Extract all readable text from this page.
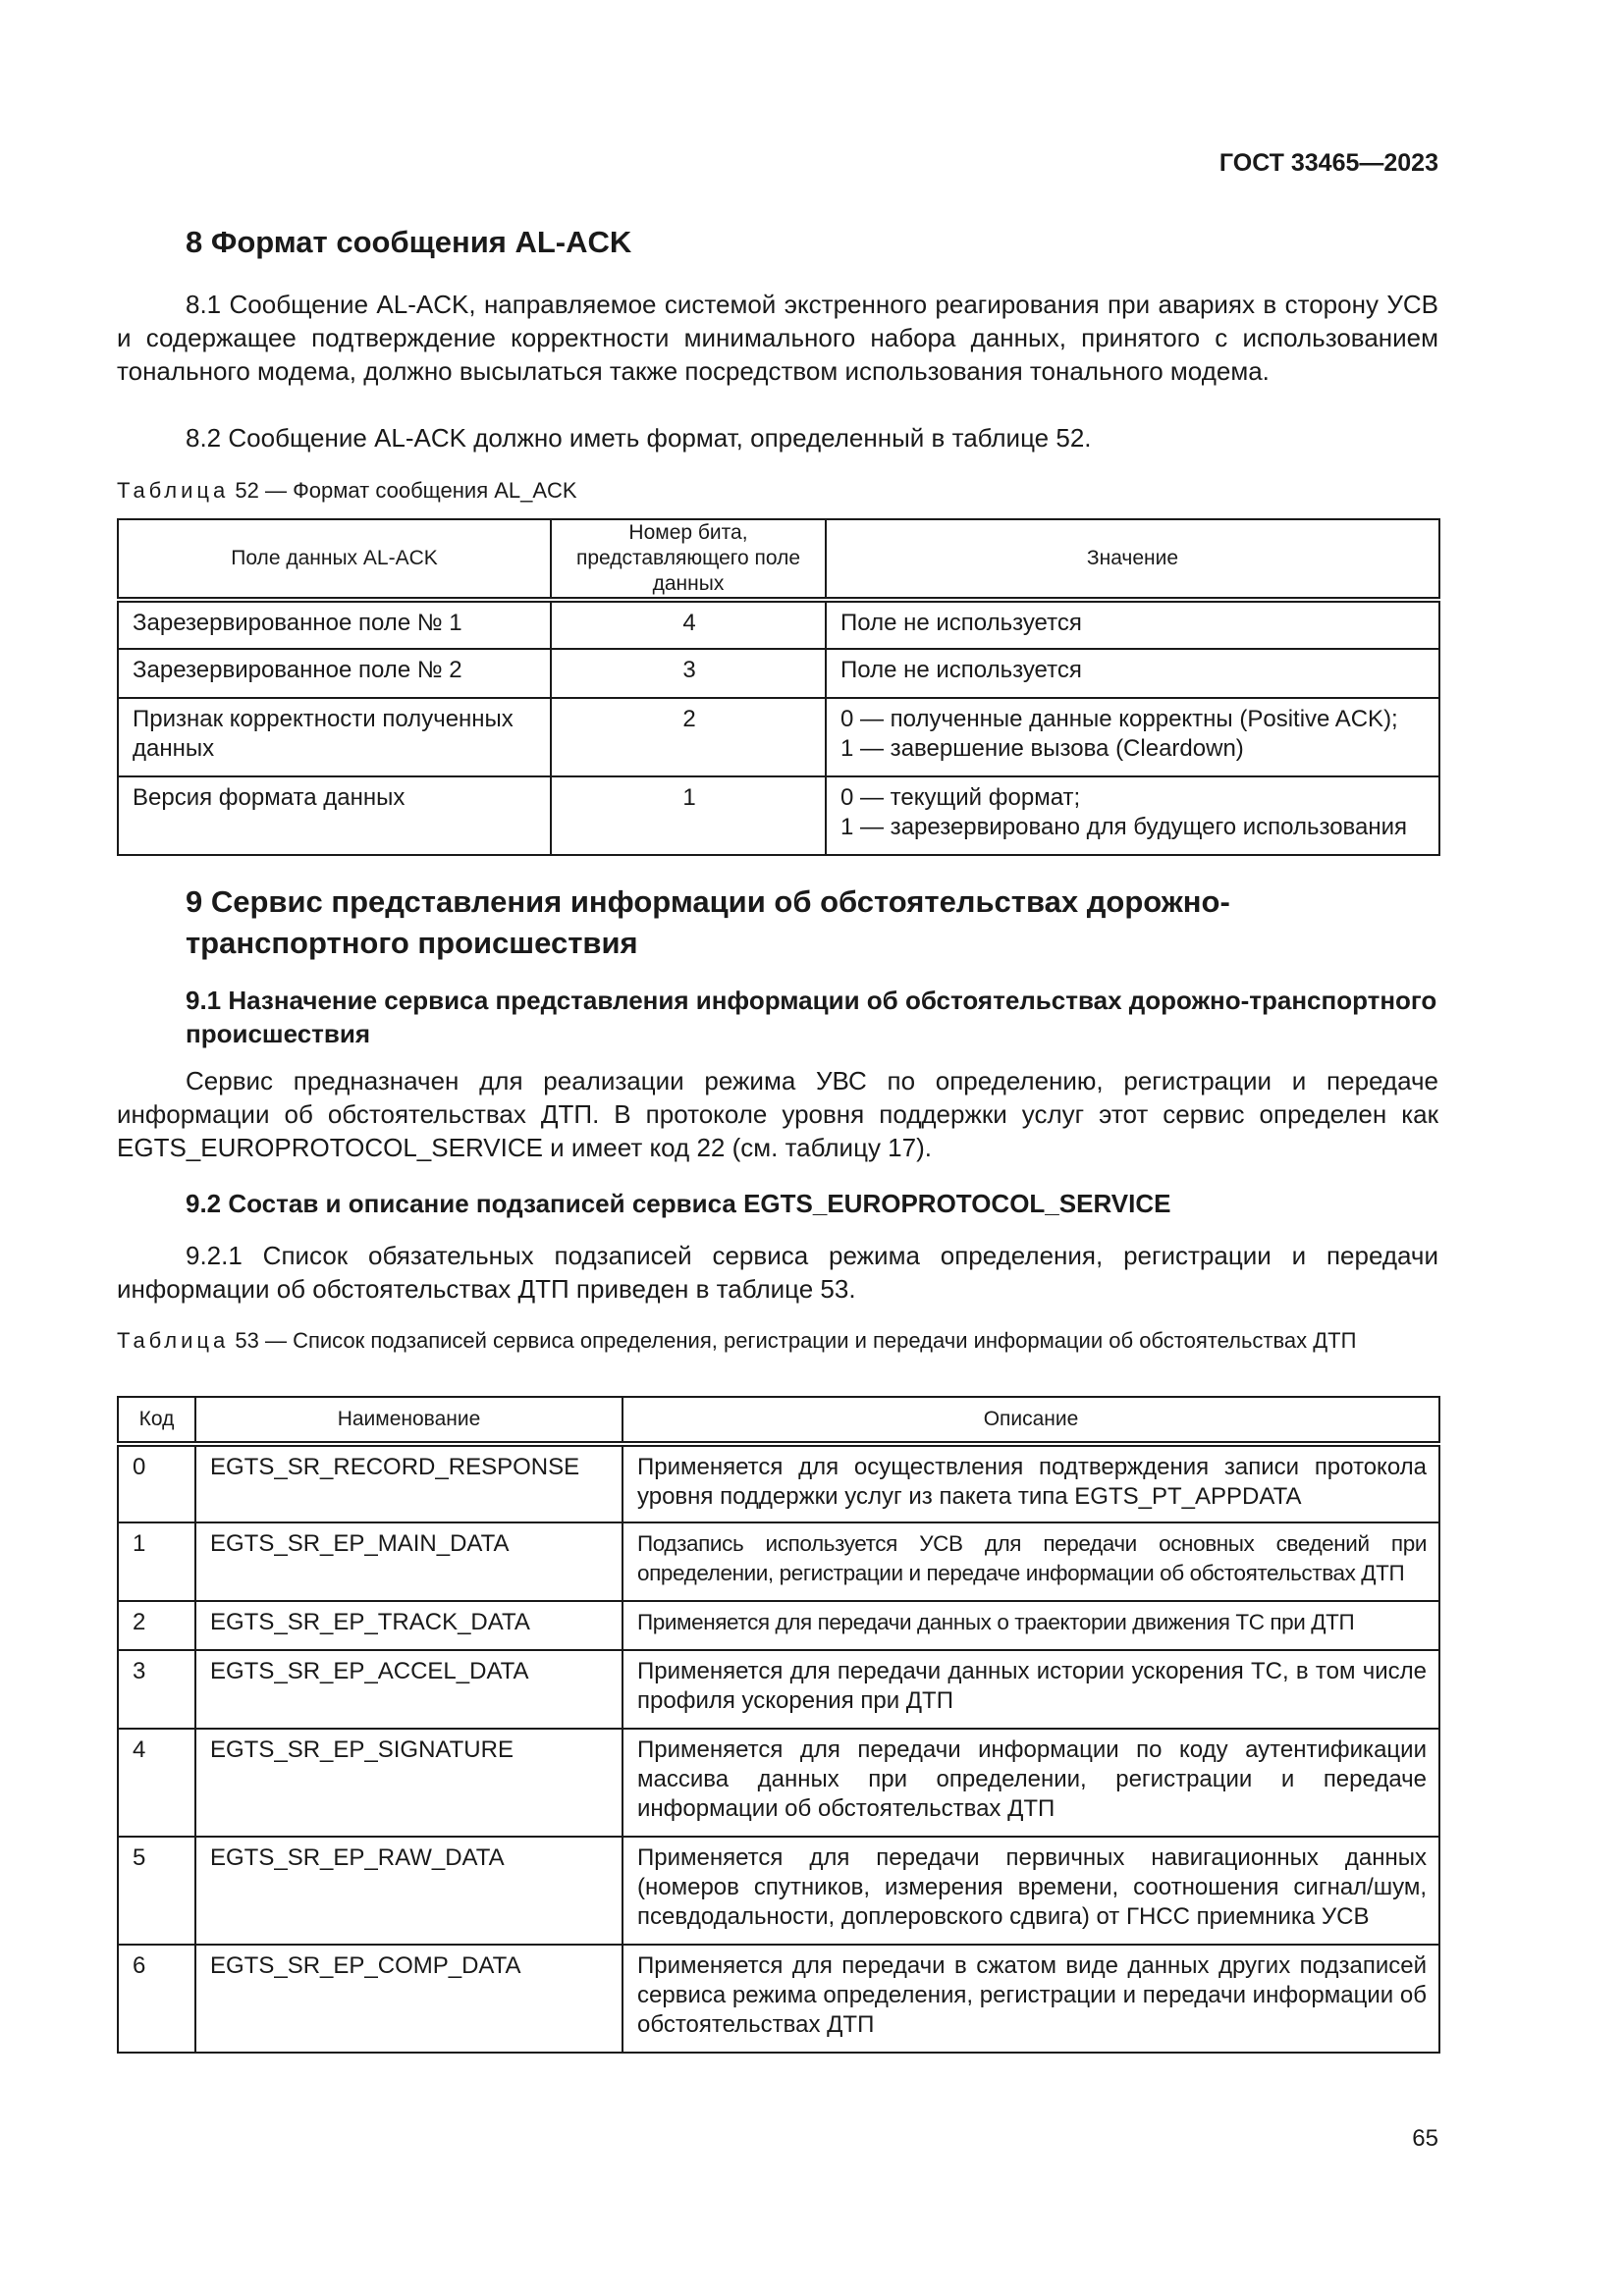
ГОСТ 33465—2023
8 Формат сообщения AL-ACK

8.1 Сообщение AL-ACK, направляемое системой экстренного реагирования при авариях в сторону УСВ и содержащее подтверждение корректности минимального набора данных, принятого с использованием тонального модема, должно высылаться также посредством использования тонального модема.

8.2 Сообщение AL-ACK должно иметь формат, определенный в таблице 52.

Таблица 52 — Формат сообщения AL_ACK
Поле данных AL-ACK	Номер бита, представляющего поле данных	Значение
Зарезервированное поле № 1	4	Поле не используется
Зарезервированное поле № 2	3	Поле не используется
Признак корректности полученных данных	2	0 — полученные данные корректны (Positive ACK);
1 — завершение вызова (Cleardown)
Версия формата данных	1	0 — текущий формат;
1 — зарезервировано для будущего использования
9 Сервис представления информации об обстоятельствах дорожно-транспортного происшествия
9.1 Назначение сервиса представления информации об обстоятельствах дорожно-транспортного происшествия

Сервис предназначен для реализации режима УВС по определению, регистрации и передаче информации об обстоятельствах ДТП. В протоколе уровня поддержки услуг этот сервис определен как EGTS_EUROPROTOCOL_SERVICE и имеет код 22 (см. таблицу 17).

9.2 Состав и описание подзаписей сервиса EGTS_EUROPROTOCOL_SERVICE

9.2.1 Список обязательных подзаписей сервиса режима определения, регистрации и передачи информации об обстоятельствах ДТП приведен в таблице 53.

Таблица 53 — Список подзаписей сервиса определения, регистрации и передачи информации об обстоятельствах ДТП
Код	Наименование	Описание
0	EGTS_SR_RECORD_RESPONSE	Применяется для осуществления подтверждения записи протокола уровня поддержки услуг из пакета типа EGTS_PT_APPDATA
1	EGTS_SR_EP_MAIN_DATA	Подзапись используется УСВ для передачи основных сведений при определении, регистрации и передаче информации об обстоятельствах ДТП
2	EGTS_SR_EP_TRACK_DATA	Применяется для передачи данных о траектории движения ТС при ДТП
3	EGTS_SR_EP_ACCEL_DATA	Применяется для передачи данных истории ускорения ТС, в том числе профиля ускорения при ДТП
4	EGTS_SR_EP_SIGNATURE	Применяется для передачи информации по коду аутентификации массива данных при определении, регистрации и передаче информации об обстоятельствах ДТП
5	EGTS_SR_EP_RAW_DATA	Применяется для передачи первичных навигационных данных (номеров спутников, измерения времени, соотношения сигнал/шум, псевдодальности, доплеровского сдвига) от ГНСС приемника УСВ
6	EGTS_SR_EP_COMP_DATA	Применяется для передачи в сжатом виде данных других подзаписей сервиса режима определения, регистрации и передачи информации об обстоятельствах ДТП
65
